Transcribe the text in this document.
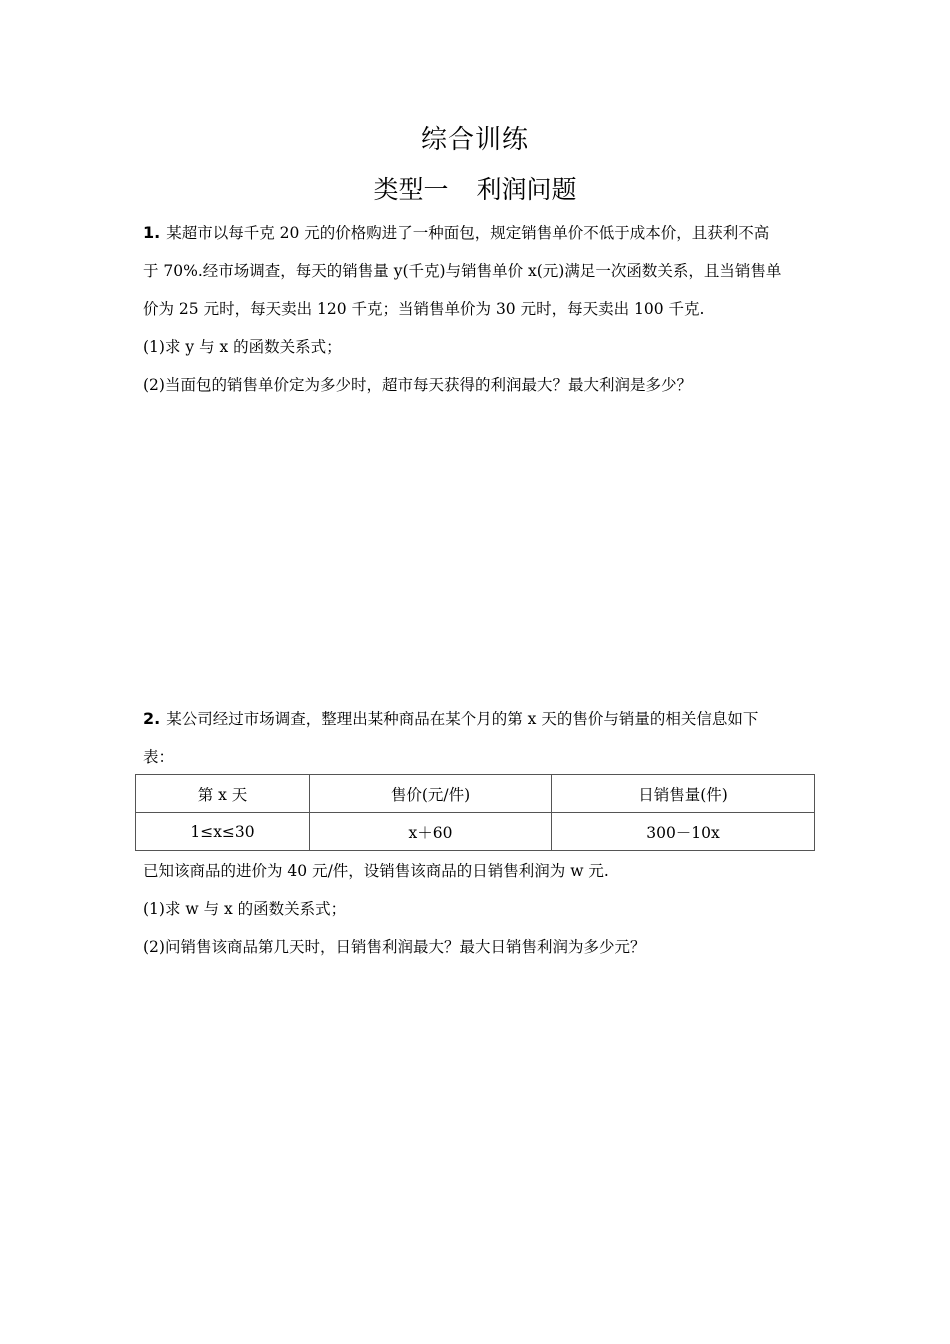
综合训练
类型一 利润问题
1. 某超市以每千克 20 元的价格购进了一种面包，规定销售单价不低于成本价，且获利不高
于 70%.经市场调查，每天的销售量 y(千克)与销售单价 x(元)满足一次函数关系，且当销售单
价为 25 元时，每天卖出 120 千克；当销售单价为 30 元时，每天卖出 100 千克.
(1)求 y 与 x 的函数关系式；
(2)当面包的销售单价定为多少时，超市每天获得的利润最大？最大利润是多少？
2. 某公司经过市场调查，整理出某种商品在某个月的第 x 天的售价与销量的相关信息如下
表：
第 x 天	售价(元/件)	日销售量(件)
1≤x≤30	x＋60	300－10x
已知该商品的进价为 40 元/件，设销售该商品的日销售利润为 w 元.
(1)求 w 与 x 的函数关系式；
(2)问销售该商品第几天时，日销售利润最大？最大日销售利润为多少元？
